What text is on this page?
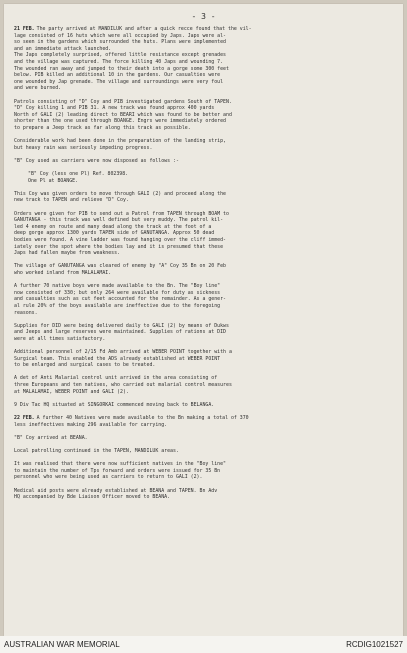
- 3 -
21 FEB. The party arrived at MANDILUK and after a quick recce found that the vil-
lage consisted of 16 huts which were all occupied by Japs. Japs were al-
so seen in the gardens which surrounded the huts. Plans were implemented
and an immediate attack launched.
The Japs completely surprised, offered little resistance except grenades
and the village was captured. The force killing 40 Japs and wounding 7.
The wounded ran away and jumped to their death into a gorge some 300 feet
below. PIB killed an additional 10 in the gardens. Our casualties were
one wounded by Jap grenade. The village and surroundings were very foul
and were burned.
Patrols consisting of "D" Coy and PIB investigated gardens South of TAPEN.
"D" Coy killing 1 and PIB 31. A new track was found approx 400 yards
North of GALI (2) leading direct to BEARI which was found to be better and
shorter than the one used through BOANGE. Engrs were immediately ordered
to prepare a Jeep track as far along this track as possible.
Considerable work had been done in the preparation of the landing strip,
but heavy rain was seriously impeding progress.
"B" Coy used as carriers were now disposed as follows :-
"B" Coy (less one Pl) Ref. 802398.
One Pl at BOANGE.
This Coy was given orders to move through GALI (2) and proceed along the
new track to TAPEN and relieve "D" Coy.
Orders were given for PIB to send out a Patrol from TAPEN through BOAM to
GANUTANGA - this track was well defined but very muddy. The patrol kil-
led 4 enemy on route and many dead along the track at the foot of a
deep gorge approx 1300 yards TAPEN side of GANUTANGA. Approx 50 dead
bodies were found. A vine ladder was found hanging over the cliff immed-
iately over the spot where the bodies lay and it is presumed that these
Japs had fallen maybe from weakness.
The village of GANUTANGA was cleared of enemy by "A" Coy 35 Bn on 20 Feb
who worked inland from MALALAMAI.
A further 70 native boys were made available to the Bn. The "Boy line"
now consisted of 330; but only 264 were available for duty as sickness
and casualties such as cut feet accounted for the remainder. As a gener-
al rule 20% of the boys available are ineffective due to the foregoing
reasons.
Supplies for DID were being delivered daily to GALI (2) by means of Dukws
and Jeeps and large reserves were maintained. Supplies of rations at DID
were at all times satisfactory.
Additional personnel of 2/15 Fd Amb arrived at WEBER POINT together with a
Surgical team. This enabled the ADS already established at WEBER POINT
to be enlarged and surgical cases to be treated.
A det of Anti Malarial control unit arrived in the area consisting of
three Europeans and ten natives, who carried out malarial control measures
at MALALAMAI, WEBER POINT and GALI (2).
9 Div Tac HQ situated at SINGORKAI commenced moving back to BELANGA.
22 FEB. A further 40 Natives were made available to the Bn making a total of 370
less ineffectives making 296 available for carrying.
"B" Coy arrived at BEANA.
Local patrolling continued in the TAPEN, MANDILUK areas.
It was realised that there were now sufficient natives in the "Boy line"
to maintain the number of Tps forward and orders were issued for 35 Bn
personnel who were being used as carriers to return to GALI (2).
Medical aid posts were already established at BEANA and TAPEN. Bn Adv
HQ accompanied by Bde Liaison Officer moved to BEANA.
AUSTRALIAN WAR MEMORIAL	RCDIG1021527
